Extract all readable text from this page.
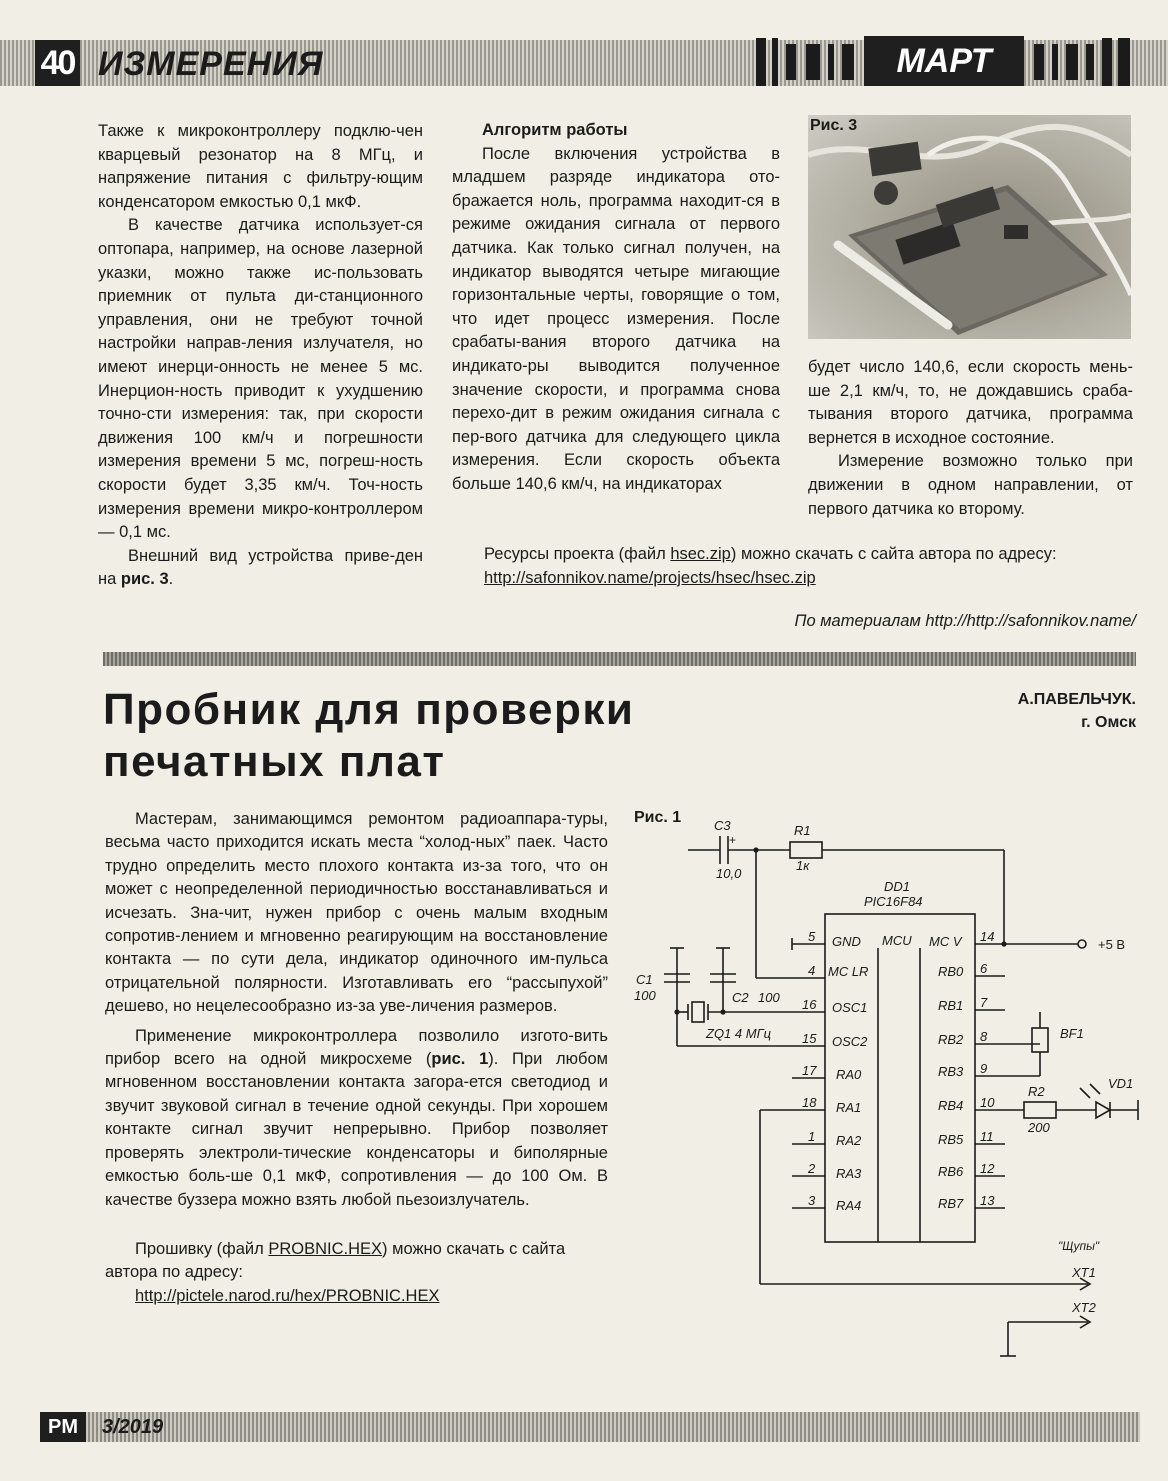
40 ИЗМЕРЕНИЯ	МАРТ

Также к микроконтроллеру подклю-чен кварцевый резонатор на 8 МГц, и напряжение питания с фильтру-ющим конденсатором емкостью 0,1 мкФ.

В качестве датчика использует-ся оптопара, например, на основе лазерной указки, можно также ис-пользовать приемник от пульта ди-станционного управления, они не требуют точной настройки направ-ления излучателя, но имеют инерци-онность не менее 5 мс. Инерцион-ность приводит к ухудшению точно-сти измерения: так, при скорости движения 100 км/ч и погрешности измерения времени 5 мс, погреш-ность скорости будет 3,35 км/ч. Точ-ность измерения времени микро-контроллером — 0,1 мс.

Внешний вид устройства приве-ден на рис. 3.

Алгоритм работы

После включения устройства в младшем разряде индикатора ото-бражается ноль, программа находит-ся в режиме ожидания сигнала от первого датчика. Как только сигнал получен, на индикатор выводятся четыре мигающие горизонтальные черты, говорящие о том, что идет процесс измерения. После срабаты-вания второго датчика на индикато-ры выводится полученное значение скорости, и программа снова перехо-дит в режим ожидания сигнала с пер-вого датчика для следующего цикла измерения. Если скорость объекта больше 140,6 км/ч, на индикаторах

Рис. 3

будет число 140,6, если скорость мень-ше 2,1 км/ч, то, не дождавшись сраба-тывания второго датчика, программа вернется в исходное состояние.

Измерение возможно только при движении в одном направлении, от первого датчика ко второму.

Ресурсы проекта (файл hsec.zip) можно скачать с сайта автора по адресу:

http://safonnikov.name/projects/hsec/hsec.zip

По материалам http://http://safonnikov.name/
Пробник для проверки
печатных плат
А.ПАВЕЛЬЧУК.
г. Омск

Мастерам, занимающимся ремонтом радиоаппара-туры, весьма часто приходится искать места “холод-ных” паек. Часто трудно определить место плохого контакта из-за того, что он может с неопределенной периодичностью восстанавливаться и исчезать. Зна-чит, нужен прибор с очень малым входным сопротив-лением и мгновенно реагирующим на восстановление контакта — по сути дела, индикатор одиночного им-пульса отрицательной полярности. Изготавливать его “рассыпухой” дешево, но нецелесообразно из-за уве-личения размеров.

Применение микроконтроллера позволило изгото-вить прибор всего на одной микросхеме (рис. 1). При любом мгновенном восстановлении контакта загора-ется светодиод и звучит звуковой сигнал в течение одной секунды. При хорошем контакте сигнал звучит непрерывно. Прибор позволяет проверять электроли-тические конденсаторы и биполярные емкостью боль-ше 0,1 мкФ, сопротивления — до 100 Ом. В качестве буззера можно взять любой пьезоизлучатель.

Прошивку (файл PROBNIC.HEX) можно скачать с сайта автора по адресу:

http://pictele.narod.ru/hex/PROBNIC.HEX

Рис. 1	C3
+
10,0
R1
1к
DD1
PIC16F84
MCU
5 GND
4 MC LR
16 OSC1
15 OSC2
17 RA0
18 RA1
1 RA2
2 RA3
3 RA4
MC V 14
RB0 6
RB1 7
RB2 8
RB3 9
RB4 10
RB5 11
RB6 12
RB7 13
+5 В
C1
100	C2 100
ZQ1 4 МГц	BF1
R2
200
VD1
"Щупы"
XT1
XT2
PM	3/2019
